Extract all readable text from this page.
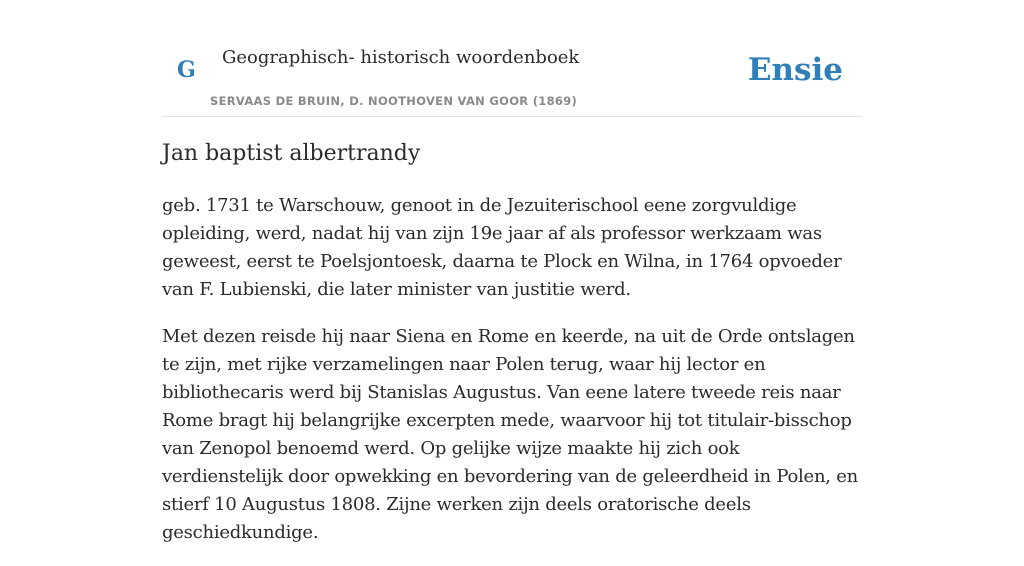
G Geographisch- historisch woordenboek
SERVAAS DE BRUIN, D. NOOTHOVEN VAN GOOR (1869)
Ensie
Jan baptist albertrandy

geb. 1731 te Warschouw, genoot in de Jezuiterischool eene zorgvuldige opleiding, werd, nadat hij van zijn 19e jaar af als professor werkzaam was geweest, eerst te Poelsjontoesk, daarna te Plock en Wilna, in 1764 opvoeder van F. Lubienski, die later minister van justitie werd.

Met dezen reisde hij naar Siena en Rome en keerde, na uit de Orde ontslagen te zijn, met rijke verzamelingen naar Polen terug, waar hij lector en bibliothecaris werd bij Stanislas Augustus. Van eene latere tweede reis naar Rome bragt hij belangrijke excerpten mede, waarvoor hij tot titulair-bisschop van Zenopol benoemd werd. Op gelijke wijze maakte hij zich ook verdienstelijk door opwekking en bevordering van de geleerdheid in Polen, en stierf 10 Augustus 1808. Zijne werken zijn deels oratorische deels geschiedkundige.
